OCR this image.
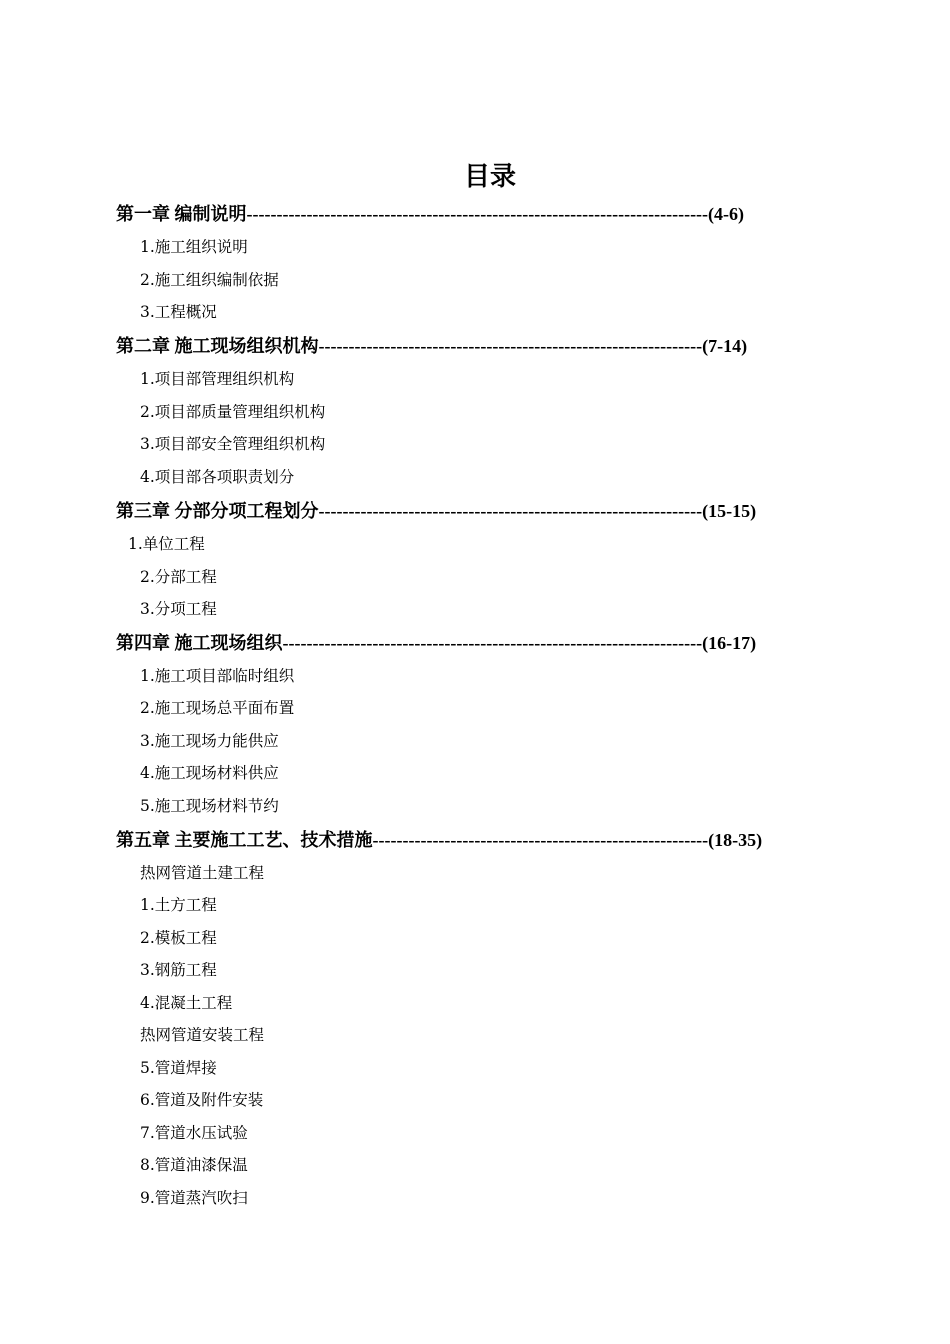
目录
第一章 编制说明-----------------------------------------------------------------------------(4-6)
1.施工组织说明
2.施工组织编制依据
3.工程概况
第二章 施工现场组织机构----------------------------------------------------------------(7-14)
1.项目部管理组织机构
2.项目部质量管理组织机构
3.项目部安全管理组织机构
4.项目部各项职责划分
第三章 分部分项工程划分----------------------------------------------------------------(15-15)
1.单位工程
2.分部工程
3.分项工程
第四章 施工现场组织----------------------------------------------------------------------(16-17)
1.施工项目部临时组织
2.施工现场总平面布置
3.施工现场力能供应
4.施工现场材料供应
5.施工现场材料节约
第五章 主要施工工艺、技术措施--------------------------------------------------------(18-35)
热网管道土建工程
1.土方工程
2.模板工程
3.钢筋工程
4.混凝土工程
热网管道安装工程
5.管道焊接
6.管道及附件安装
7.管道水压试验
8.管道油漆保温
9.管道蒸汽吹扫
